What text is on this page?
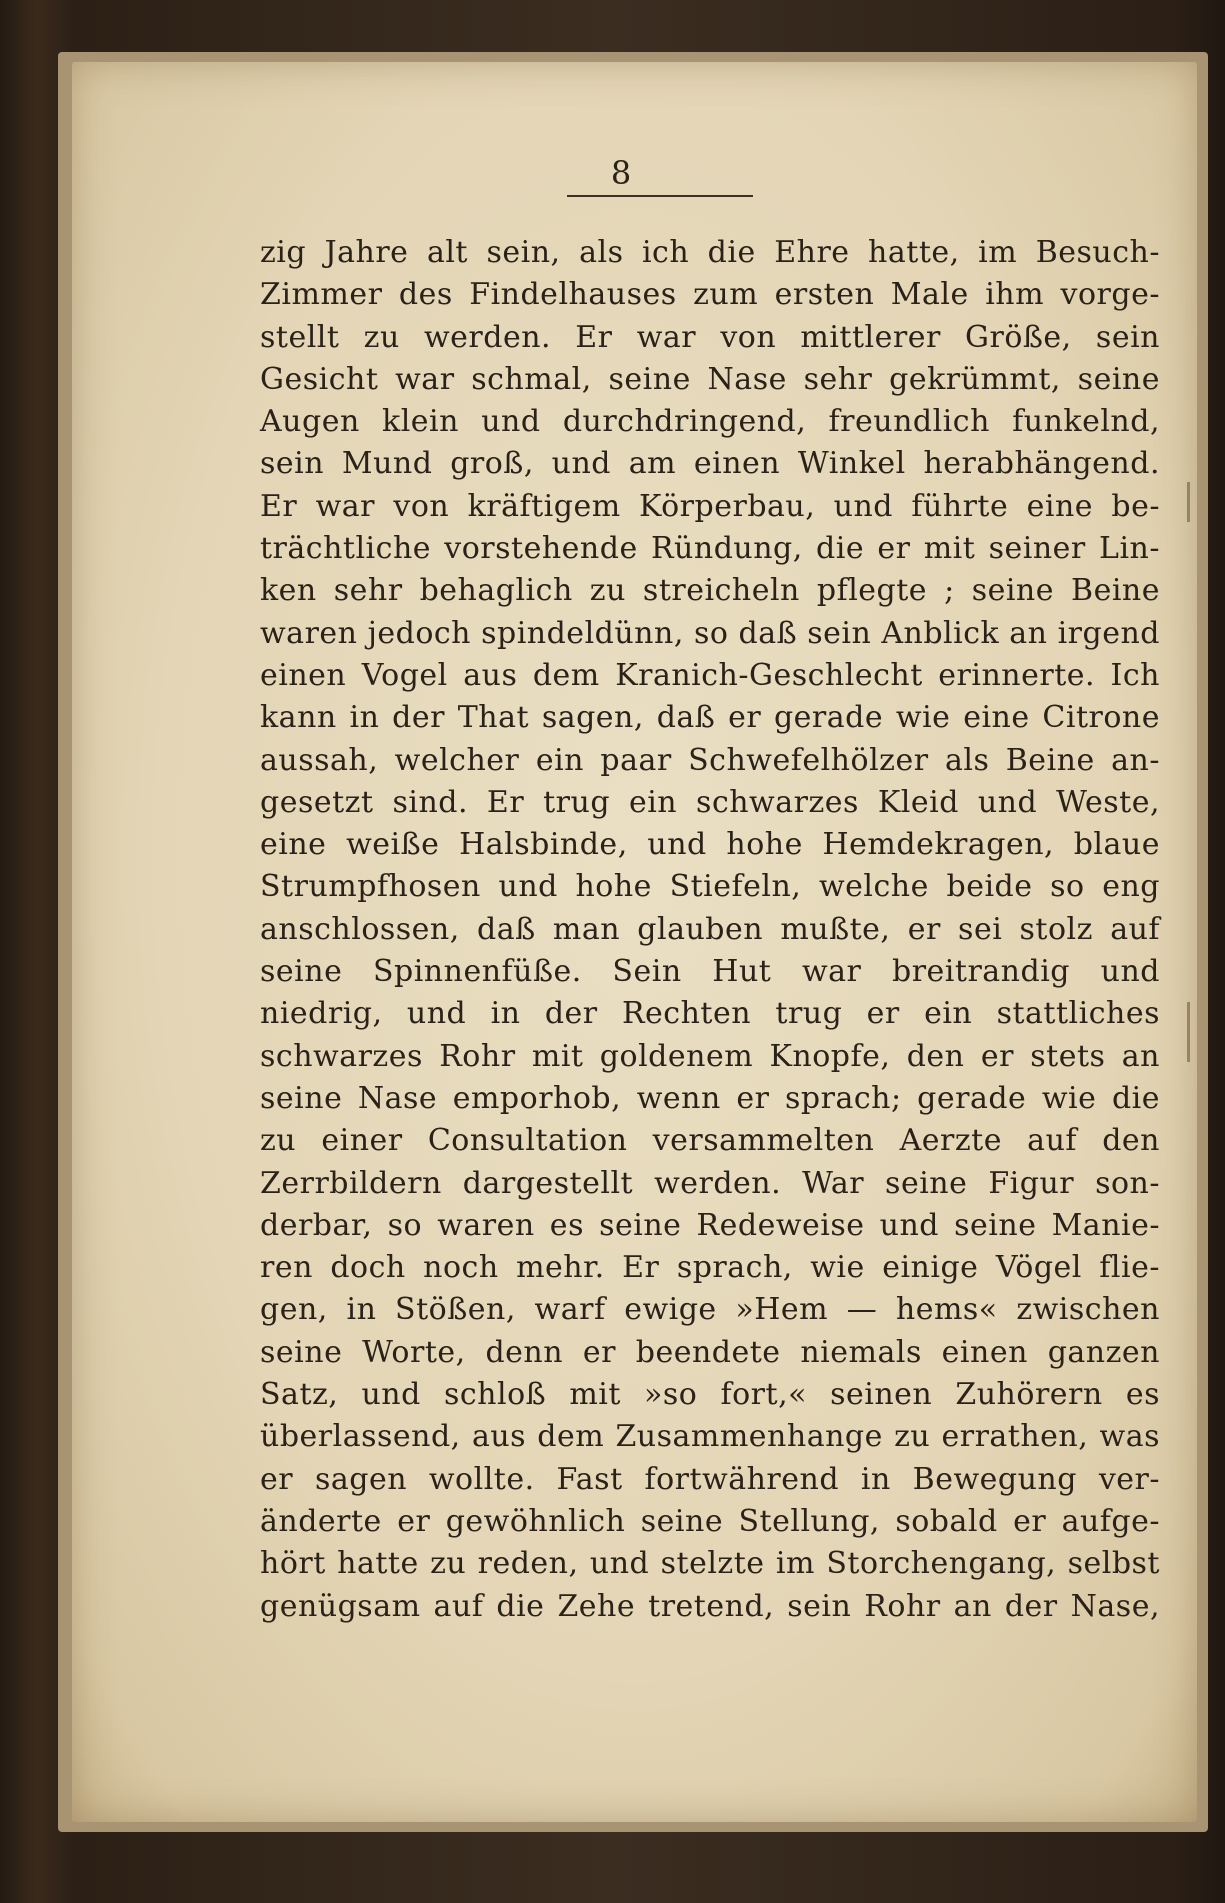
8
zig Jahre alt sein, als ich die Ehre hatte, im Besuch-
Zimmer des Findelhauses zum ersten Male ihm vorge-
stellt zu werden. Er war von mittlerer Größe, sein
Gesicht war schmal, seine Nase sehr gekrümmt, seine
Augen klein und durchdringend, freundlich funkelnd,
sein Mund groß, und am einen Winkel herabhängend.
Er war von kräftigem Körperbau, und führte eine be-
trächtliche vorstehende Ründung, die er mit seiner Lin-
ken sehr behaglich zu streicheln pflegte ; seine Beine
waren jedoch spindeldünn, so daß sein Anblick an irgend
einen Vogel aus dem Kranich-Geschlecht erinnerte. Ich
kann in der That sagen, daß er gerade wie eine Citrone
aussah, welcher ein paar Schwefelhölzer als Beine an-
gesetzt sind. Er trug ein schwarzes Kleid und Weste,
eine weiße Halsbinde, und hohe Hemdekragen, blaue
Strumpfhosen und hohe Stiefeln, welche beide so eng
anschlossen, daß man glauben mußte, er sei stolz auf
seine Spinnenfüße. Sein Hut war breitrandig und
niedrig, und in der Rechten trug er ein stattliches
schwarzes Rohr mit goldenem Knopfe, den er stets an
seine Nase emporhob, wenn er sprach; gerade wie die
zu einer Consultation versammelten Aerzte auf den
Zerrbildern dargestellt werden. War seine Figur son-
derbar, so waren es seine Redeweise und seine Manie-
ren doch noch mehr. Er sprach, wie einige Vögel flie-
gen, in Stößen, warf ewige »Hem — hems« zwischen
seine Worte, denn er beendete niemals einen ganzen
Satz, und schloß mit »so fort,« seinen Zuhörern es
überlassend, aus dem Zusammenhange zu errathen, was
er sagen wollte. Fast fortwährend in Bewegung ver-
änderte er gewöhnlich seine Stellung, sobald er aufge-
hört hatte zu reden, und stelzte im Storchengang, selbst
genügsam auf die Zehe tretend, sein Rohr an der Nase,
